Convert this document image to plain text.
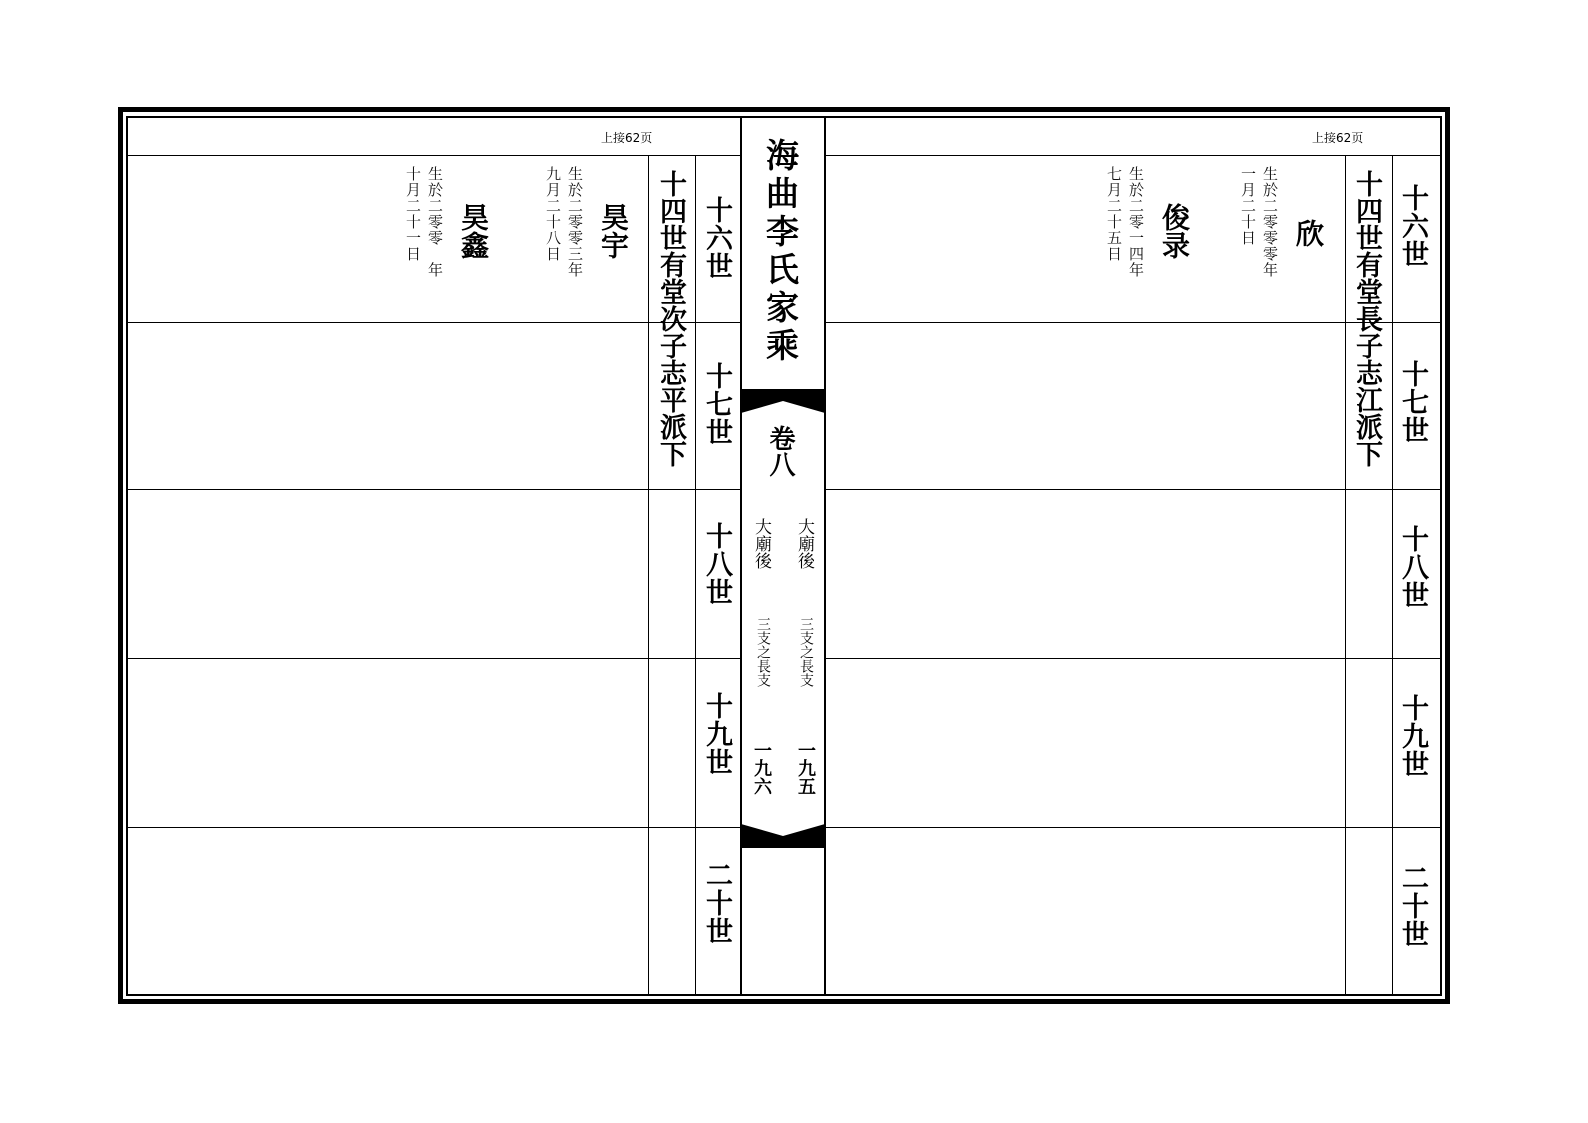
上接62页
十六世
十七世
十八世
十九世
二十世
十四世有堂長子志江派下
欣
生於二零零零年
一月二十日
俊录
生於二零一四年
七月二十五日
上接62页
十六世
十七世
十八世
十九世
二十世
十四世有堂次子志平派下
昊宇
生於二零零三年
九月二十八日
昊鑫
生於二零零　年
十月二十一日	海曲李氏家乘
卷八
大廟後
大廟後
三支之長支
三支之長支
一九五
一九六
